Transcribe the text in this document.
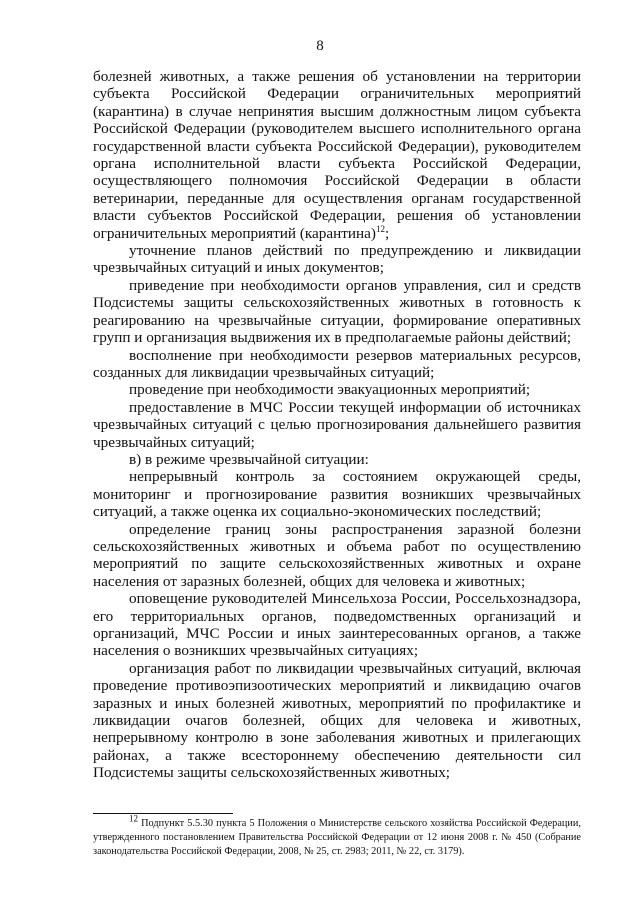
8

болезней животных, а также решения об установлении на территории субъекта Российской Федерации ограничительных мероприятий (карантина) в случае непринятия высшим должностным лицом субъекта Российской Федерации (руководителем высшего исполнительного органа государственной власти субъекта Российской Федерации), руководителем органа исполнительной власти субъекта Российской Федерации, осуществляющего полномочия Российской Федерации в области ветеринарии, переданные для осуществления органам государственной власти субъектов Российской Федерации, решения об установлении ограничительных мероприятий (карантина)$^{12}$;

уточнение планов действий по предупреждению и ликвидации чрезвычайных ситуаций и иных документов;

приведение при необходимости органов управления, сил и средств Подсистемы защиты сельскохозяйственных животных в готовность к реагированию на чрезвычайные ситуации, формирование оперативных групп и организация выдвижения их в предполагаемые районы действий;

восполнение при необходимости резервов материальных ресурсов, созданных для ликвидации чрезвычайных ситуаций;

проведение при необходимости эвакуационных мероприятий;

предоставление в МЧС России текущей информации об источниках чрезвычайных ситуаций с целью прогнозирования дальнейшего развития чрезвычайных ситуаций;

в) в режиме чрезвычайной ситуации:

непрерывный контроль за состоянием окружающей среды, мониторинг и прогнозирование развития возникших чрезвычайных ситуаций, а также оценка их социально-экономических последствий;

определение границ зоны распространения заразной болезни сельскохозяйственных животных и объема работ по осуществлению мероприятий по защите сельскохозяйственных животных и охране населения от заразных болезней, общих для человека и животных;

оповещение руководителей Минсельхоза России, Россельхознадзора, его территориальных органов, подведомственных организаций и организаций, МЧС России и иных заинтересованных органов, а также населения о возникших чрезвычайных ситуациях;

организация работ по ликвидации чрезвычайных ситуаций, включая проведение противоэпизоотических мероприятий и ликвидацию очагов заразных и иных болезней животных, мероприятий по профилактике и ликвидации очагов болезней, общих для человека и животных, непрерывному контролю в зоне заболевания животных и прилегающих районах, а также всестороннему обеспечению деятельности сил Подсистемы защиты сельскохозяйственных животных;

$^{12}$ Подпункт 5.5.30 пункта 5 Положения о Министерстве сельского хозяйства Российской Федерации, утвержденного постановлением Правительства Российской Федерации от 12 июня 2008 г. № 450 (Собрание законодательства Российской Федерации, 2008, № 25, ст. 2983; 2011, № 22, ст. 3179).
